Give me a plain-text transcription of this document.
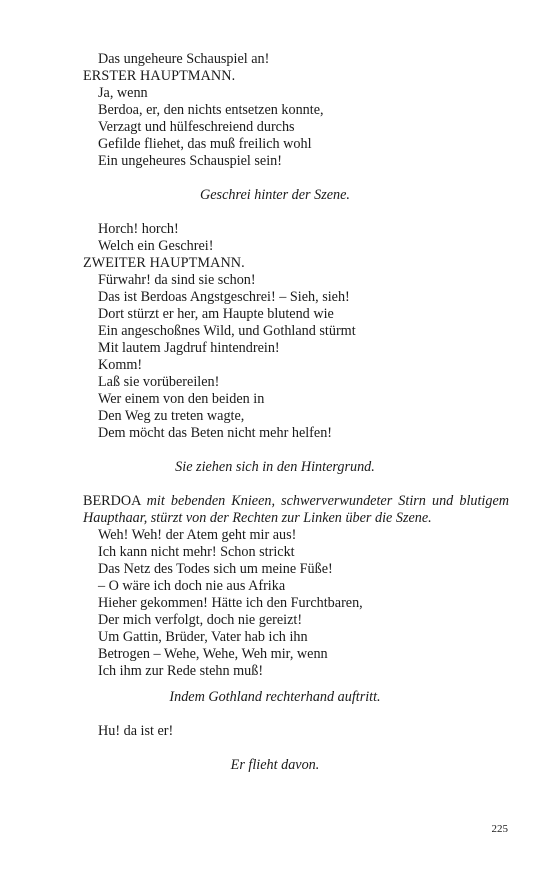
Das ungeheure Schauspiel an!
ERSTER HAUPTMANN.
Ja, wenn
Berdoa, er, den nichts entsetzen konnte,
Verzagt und hülfeschreiend durchs
Gefilde fliehet, das muß freilich wohl
Ein ungeheures Schauspiel sein!
Geschrei hinter der Szene.
Horch! horch!
Welch ein Geschrei!
ZWEITER HAUPTMANN.
Fürwahr! da sind sie schon!
Das ist Berdoas Angstgeschrei! – Sieh, sieh!
Dort stürzt er her, am Haupte blutend wie
Ein angeschoßnes Wild, und Gothland stürmt
Mit lautem Jagdruf hintendrein!
Komm!
Laß sie vorübereilen!
Wer einem von den beiden in
Den Weg zu treten wagte,
Dem möcht das Beten nicht mehr helfen!
Sie ziehen sich in den Hintergrund.
BERDOA mit bebenden Knieen, schwerverwundeter Stirn und blutigem
Haupthaar, stürzt von der Rechten zur Linken über die Szene.
Weh! Weh! der Atem geht mir aus!
Ich kann nicht mehr! Schon strickt
Das Netz des Todes sich um meine Füße!
– O wäre ich doch nie aus Afrika
Hieher gekommen! Hätte ich den Furchtbaren,
Der mich verfolgt, doch nie gereizt!
Um Gattin, Brüder, Vater hab ich ihn
Betrogen – Wehe, Wehe, Weh mir, wenn
Ich ihm zur Rede stehn muß!
Indem Gothland rechterhand auftritt.
Hu! da ist er!
Er flieht davon.
225
